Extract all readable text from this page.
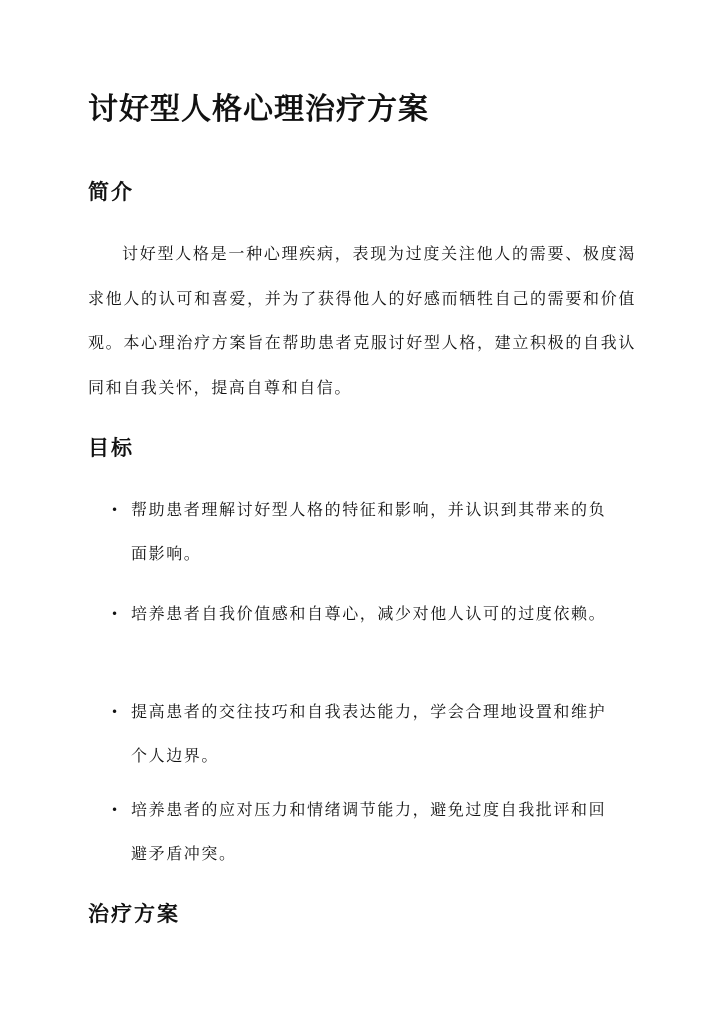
讨好型人格心理治疗方案
简介

讨好型人格是一种心理疾病，表现为过度关注他人的需要、极度渴求他人的认可和喜爱，并为了获得他人的好感而牺牲自己的需要和价值观。本心理治疗方案旨在帮助患者克服讨好型人格，建立积极的自我认同和自我关怀，提高自尊和自信。

目标
• 帮助患者理解讨好型人格的特征和影响，并认识到其带来的负面影响。
• 培养患者自我价值感和自尊心，减少对他人认可的过度依赖。
• 提高患者的交往技巧和自我表达能力，学会合理地设置和维护个人边界。
• 培养患者的应对压力和情绪调节能力，避免过度自我批评和回避矛盾冲突。
治疗方案
